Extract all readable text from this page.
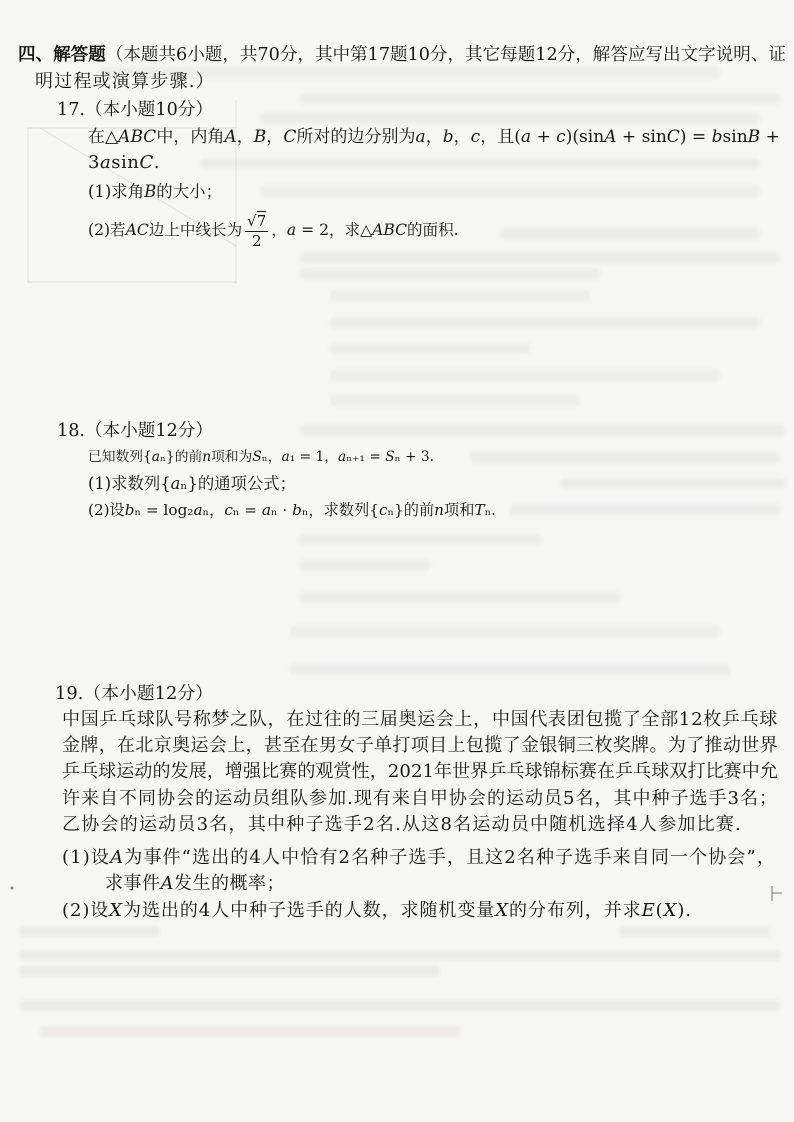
四、解答题（本题共6小题，共70分，其中第17题10分，其它每题12分，解答应写出文字说明、证
明过程或演算步骤.）
17.（本小题10分）
在△ABC中，内角A，B，C所对的边分别为a，b，c，且(a + c)(sinA + sinC) = bsinB +
3asinC.
(1)求角B的大小；
(2)若AC边上中线长为 $\frac{√7}{2}$ ，a = 2，求△ABC的面积.
18.（本小题12分）
已知数列{aₙ}的前n项和为Sₙ，a₁ = 1，aₙ₊₁ = Sₙ + 3.
(1)求数列{aₙ}的通项公式；
(2)设bₙ = log₂aₙ，cₙ = aₙ · bₙ，求数列{cₙ}的前n项和Tₙ.
19.（本小题12分）
中国乒乓球队号称梦之队，在过往的三届奥运会上，中国代表团包揽了全部12枚乒乓球
金牌，在北京奥运会上，甚至在男女子单打项目上包揽了金银铜三枚奖牌。为了推动世界
乒乓球运动的发展，增强比赛的观赏性，2021年世界乒乓球锦标赛在乒乓球双打比赛中允
许来自不同协会的运动员组队参加.现有来自甲协会的运动员5名，其中种子选手3名；
乙协会的运动员3名，其中种子选手2名.从这8名运动员中随机选择4人参加比赛.
(1)设A为事件“选出的4人中恰有2名种子选手，且这2名种子选手来自同一个协会”，
求事件A发生的概率；
(2)设X为选出的4人中种子选手的人数，求随机变量X的分布列，并求E(X).
